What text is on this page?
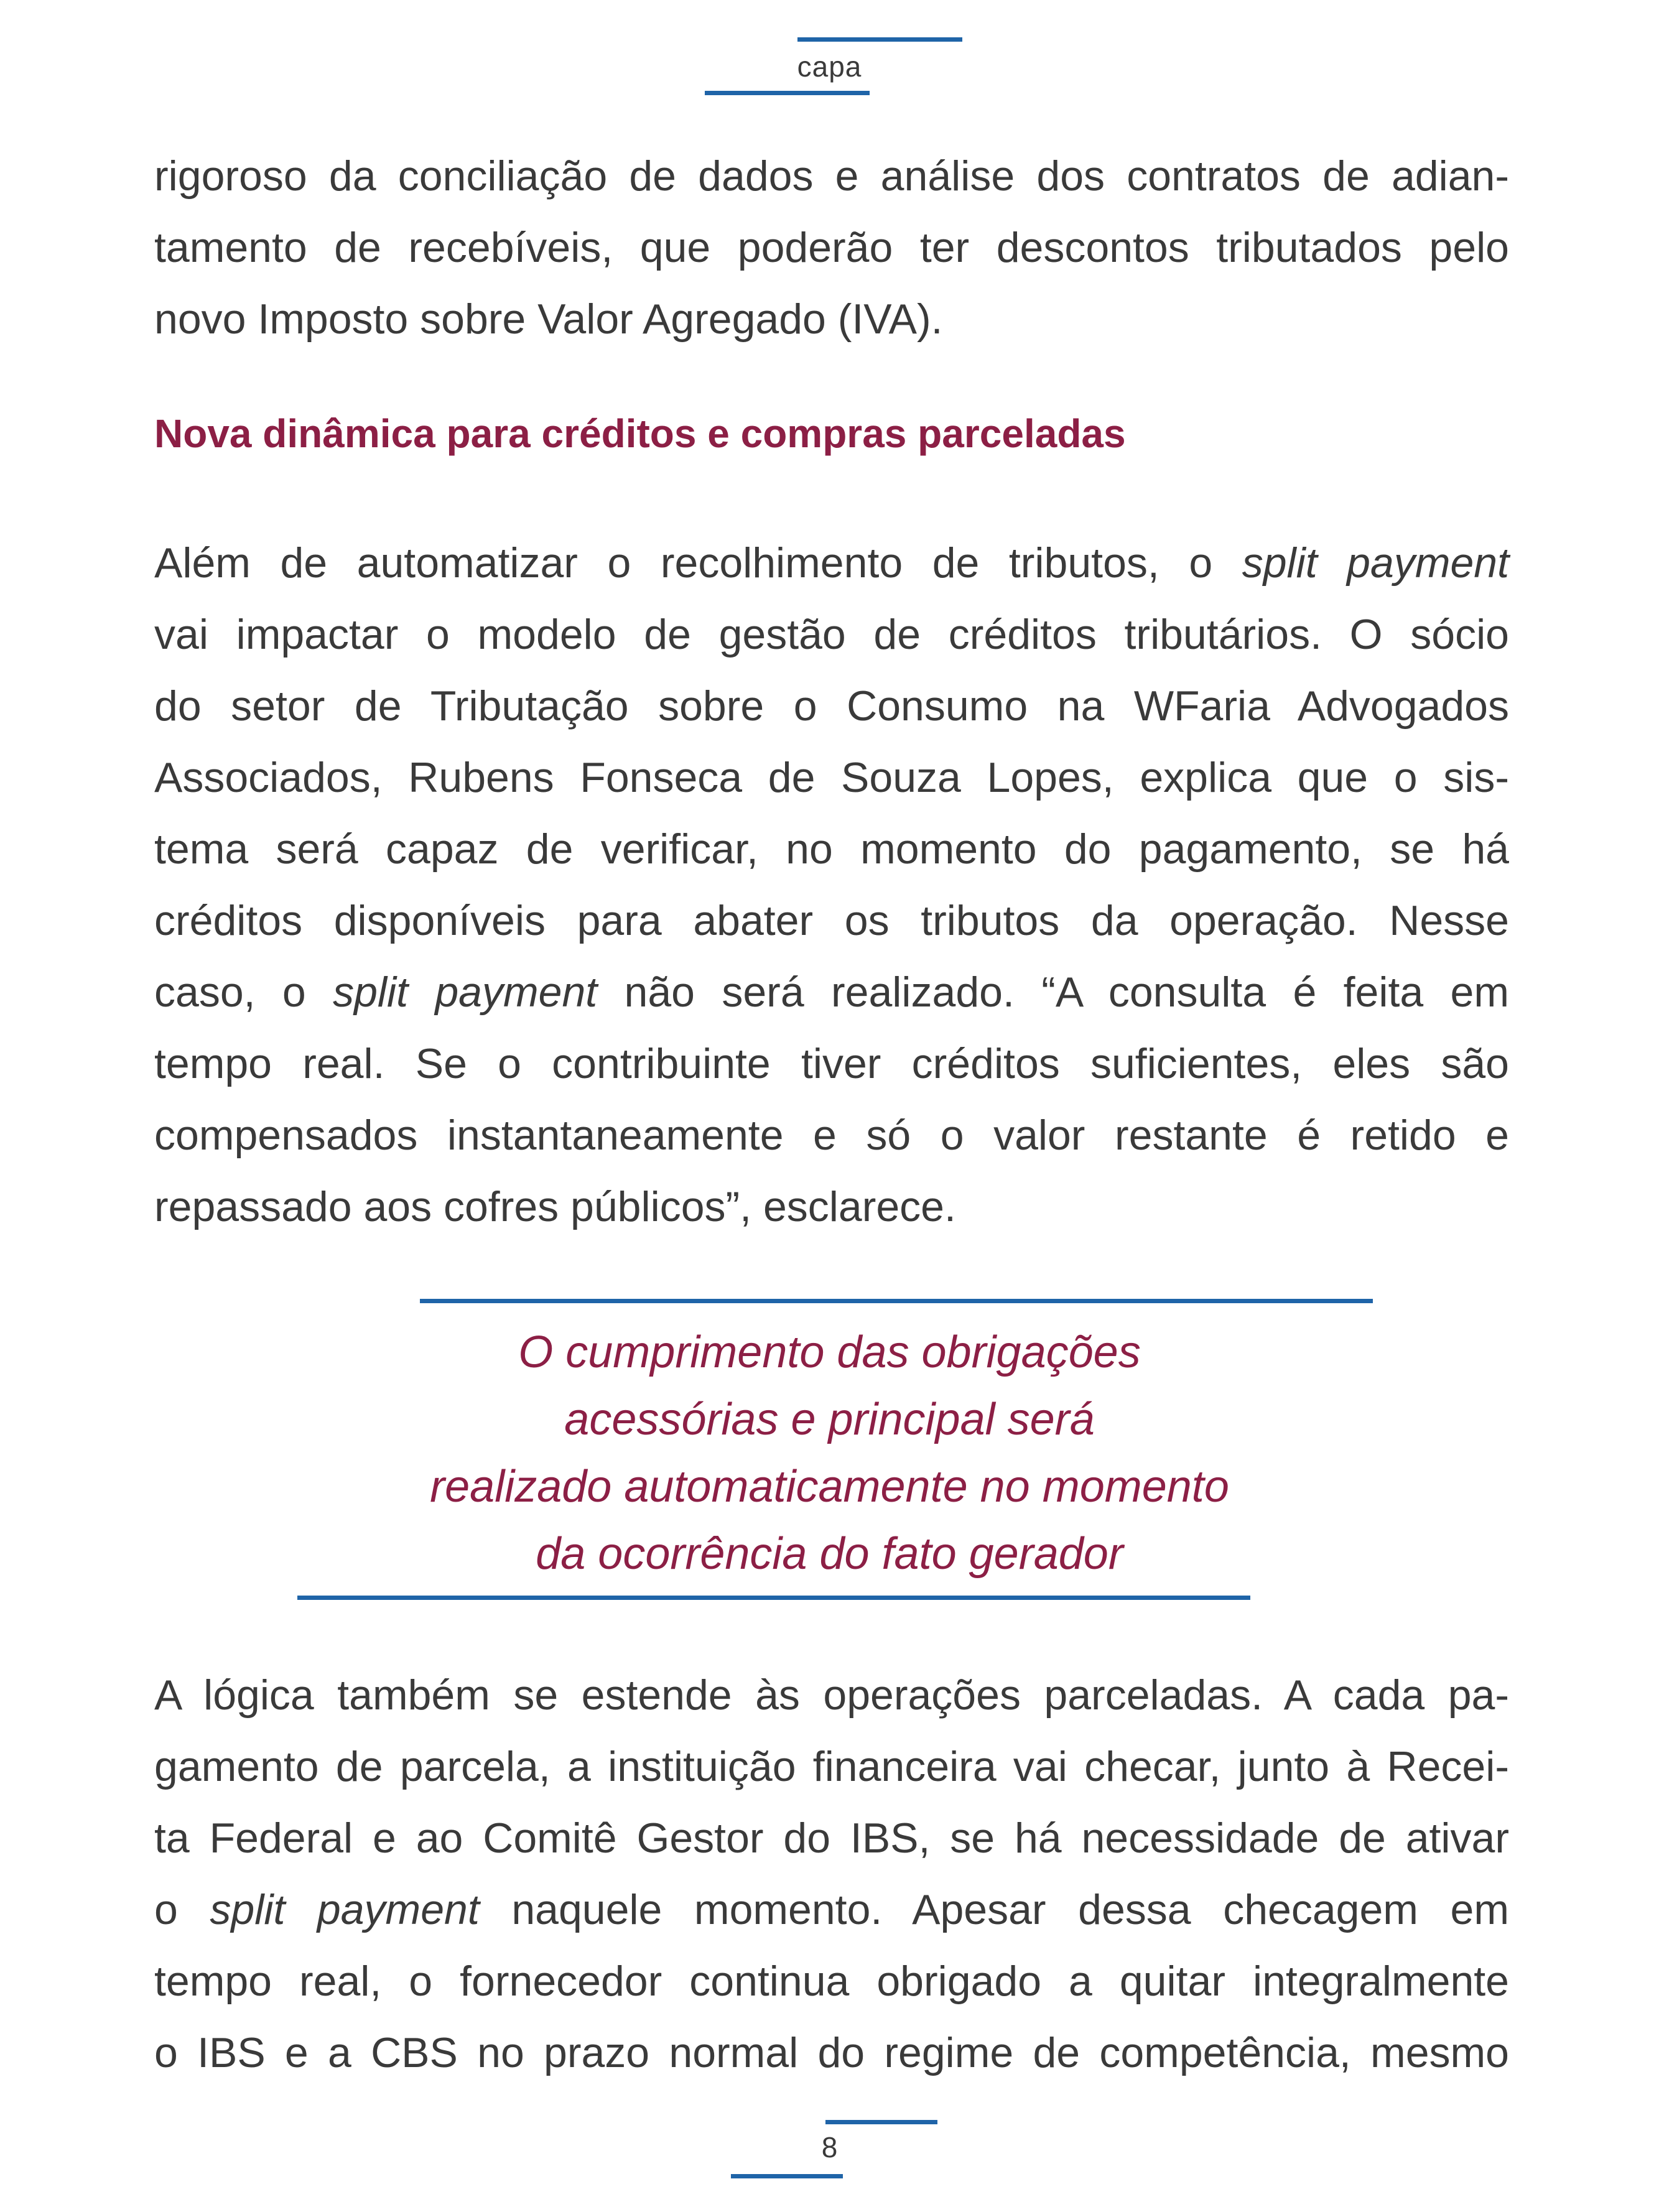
capa
rigoroso da conciliação de dados e análise dos contratos de adian-
tamento de recebíveis, que poderão ter descontos tributados pelo
novo Imposto sobre Valor Agregado (IVA).
Nova dinâmica para créditos e compras parceladas
Além de automatizar o recolhimento de tributos, o split payment
vai impactar o modelo de gestão de créditos tributários. O sócio
do setor de Tributação sobre o Consumo na WFaria Advogados
Associados, Rubens Fonseca de Souza Lopes, explica que o sis-
tema será capaz de verificar, no momento do pagamento, se há
créditos disponíveis para abater os tributos da operação. Nesse
caso, o split payment não será realizado. “A consulta é feita em
tempo real. Se o contribuinte tiver créditos suficientes, eles são
compensados instantaneamente e só o valor restante é retido e
repassado aos cofres públicos”, esclarece.
O cumprimento das obrigações
acessórias e principal será
realizado automaticamente no momento
da ocorrência do fato gerador
A lógica também se estende às operações parceladas. A cada pa-
gamento de parcela, a instituição financeira vai checar, junto à Recei-
ta Federal e ao Comitê Gestor do IBS, se há necessidade de ativar
o split payment naquele momento. Apesar dessa checagem em
tempo real, o fornecedor continua obrigado a quitar integralmente
o IBS e a CBS no prazo normal do regime de competência, mesmo
8
